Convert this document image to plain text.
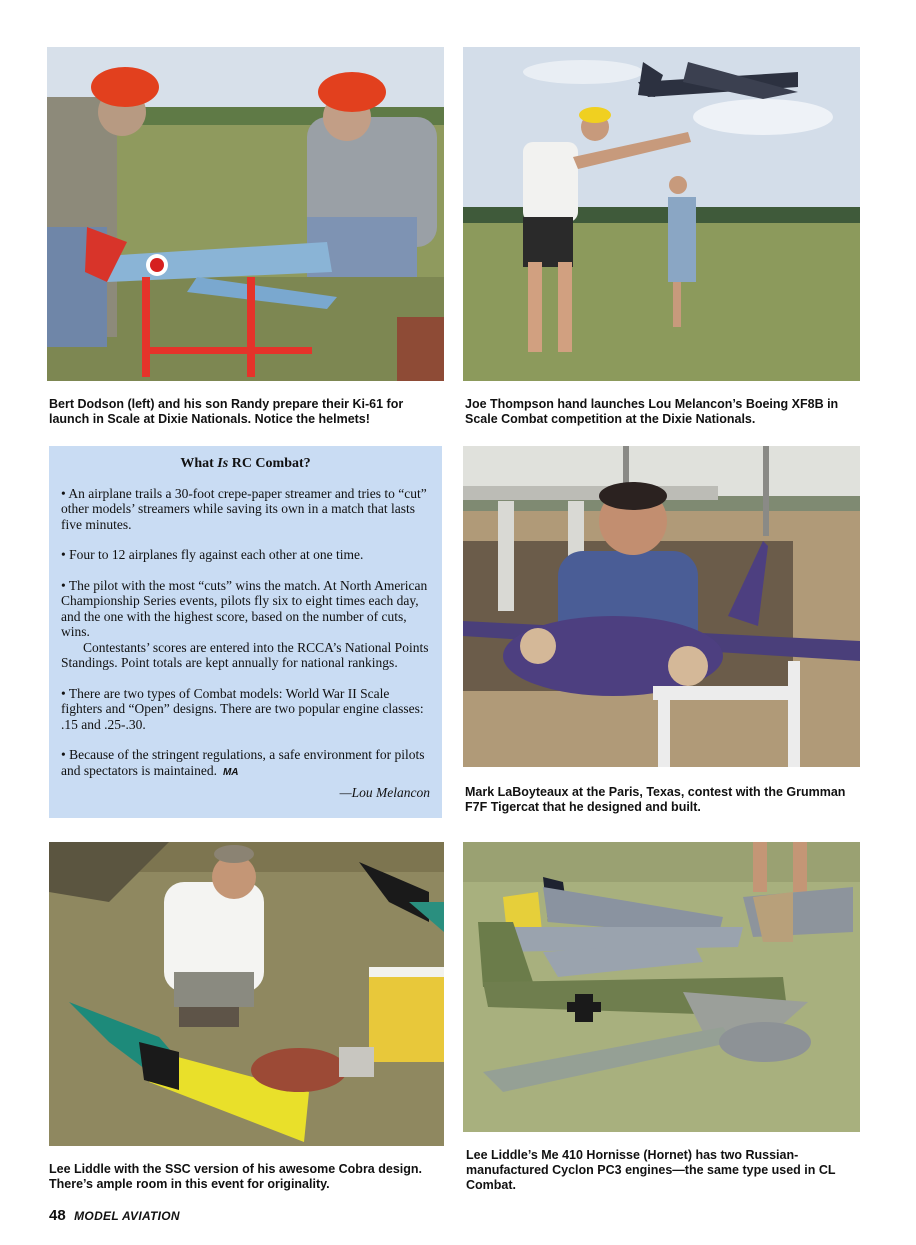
Bert Dodson (left) and his son Randy prepare their Ki-61 for launch in Scale at Dixie Nationals. Notice the helmets!

Joe Thompson hand launches Lou Melancon’s Boeing XF8B in Scale Combat competition at the Dixie Nationals.

What Is RC Combat?

• An airplane trails a 30-foot crepe-paper streamer and tries to “cut” other models’ streamers while saving its own in a match that lasts five minutes.

• Four to 12 airplanes fly against each other at one time.

• The pilot with the most “cuts” wins the match. At North American Championship Series events, pilots fly six to eight times each day, and the one with the highest score, based on the number of cuts, wins.

Contestants’ scores are entered into the RCCA’s National Points Standings. Point totals are kept annually for national rankings.

• There are two types of Combat models: World War II Scale fighters and “Open” designs. There are two popular engine classes: .15 and .25-.30.

• Because of the stringent regulations, a safe environment for pilots and spectators is maintained. MA

—Lou Melancon	Mark LaBoyteaux at the Paris, Texas, contest with the Grumman F7F Tigercat that he designed and built.

Lee Liddle with the SSC version of his awesome Cobra design. There’s ample room in this event for originality.

Lee Liddle’s Me 410 Hornisse (Hornet) has two Russian-manufactured Cyclon PC3 engines—the same type used in CL Combat.

48 MODEL AVIATION
